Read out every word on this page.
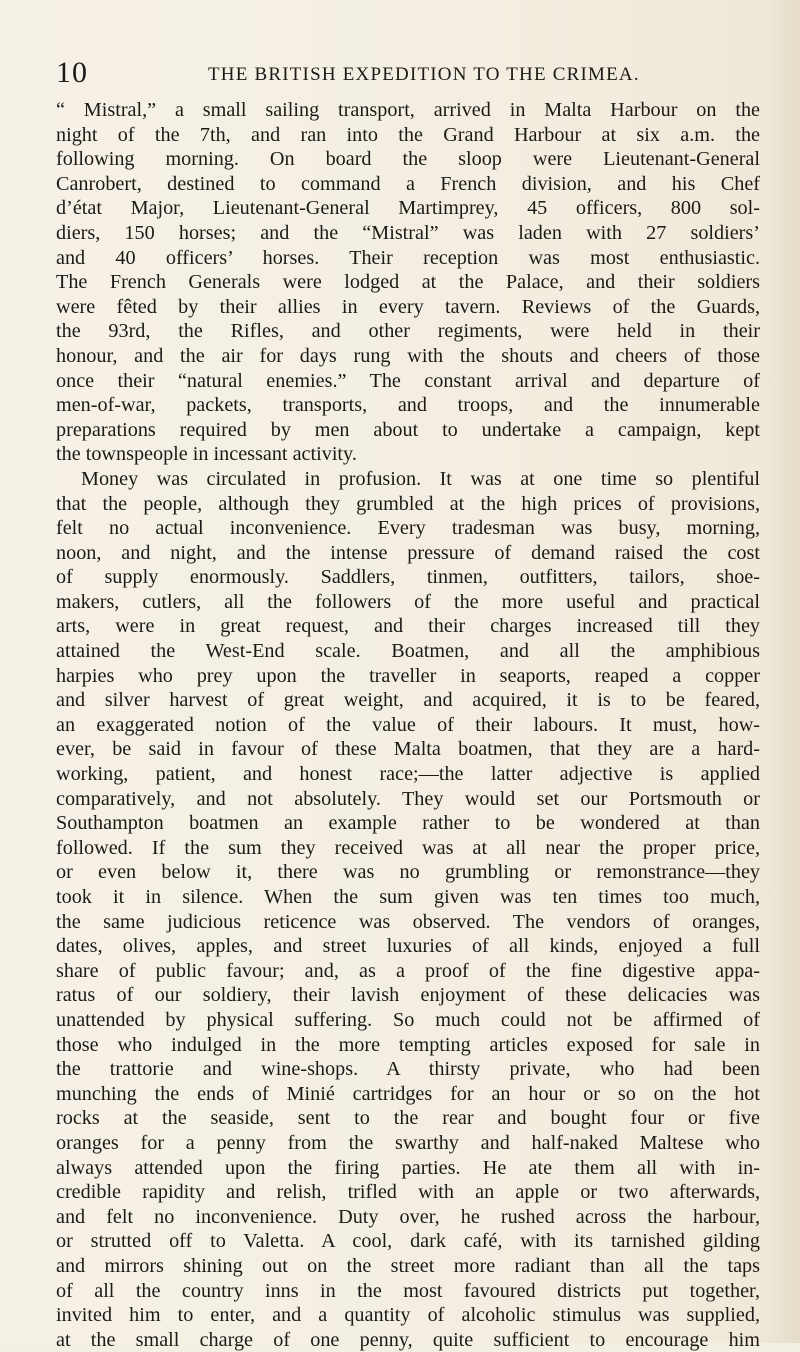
10	THE BRITISH EXPEDITION TO THE CRIMEA.
“ Mistral,” a small sailing transport, arrived in Malta Harbour on the
night of the 7th, and ran into the Grand Harbour at six a.m. the
following morning. On board the sloop were Lieutenant-General
Canrobert, destined to command a French division, and his Chef
d’état Major, Lieutenant-General Martimprey, 45 officers, 800 sol-
diers, 150 horses; and the “Mistral” was laden with 27 soldiers’
and 40 officers’ horses. Their reception was most enthusiastic.
The French Generals were lodged at the Palace, and their soldiers
were fêted by their allies in every tavern. Reviews of the Guards,
the 93rd, the Rifles, and other regiments, were held in their
honour, and the air for days rung with the shouts and cheers of those
once their “natural enemies.” The constant arrival and departure of
men-of-war, packets, transports, and troops, and the innumerable
preparations required by men about to undertake a campaign, kept
the townspeople in incessant activity.
Money was circulated in profusion. It was at one time so plentiful
that the people, although they grumbled at the high prices of provisions,
felt no actual inconvenience. Every tradesman was busy, morning,
noon, and night, and the intense pressure of demand raised the cost
of supply enormously. Saddlers, tinmen, outfitters, tailors, shoe-
makers, cutlers, all the followers of the more useful and practical
arts, were in great request, and their charges increased till they
attained the West-End scale. Boatmen, and all the amphibious
harpies who prey upon the traveller in seaports, reaped a copper
and silver harvest of great weight, and acquired, it is to be feared,
an exaggerated notion of the value of their labours. It must, how-
ever, be said in favour of these Malta boatmen, that they are a hard-
working, patient, and honest race;—the latter adjective is applied
comparatively, and not absolutely. They would set our Portsmouth or
Southampton boatmen an example rather to be wondered at than
followed. If the sum they received was at all near the proper price,
or even below it, there was no grumbling or remonstrance—they
took it in silence. When the sum given was ten times too much,
the same judicious reticence was observed. The vendors of oranges,
dates, olives, apples, and street luxuries of all kinds, enjoyed a full
share of public favour; and, as a proof of the fine digestive appa-
ratus of our soldiery, their lavish enjoyment of these delicacies was
unattended by physical suffering. So much could not be affirmed of
those who indulged in the more tempting articles exposed for sale in
the trattorie and wine-shops. A thirsty private, who had been
munching the ends of Minié cartridges for an hour or so on the hot
rocks at the seaside, sent to the rear and bought four or five
oranges for a penny from the swarthy and half-naked Maltese who
always attended upon the firing parties. He ate them all with in-
credible rapidity and relish, trifled with an apple or two afterwards,
and felt no inconvenience. Duty over, he rushed across the harbour,
or strutted off to Valetta. A cool, dark café, with its tarnished gilding
and mirrors shining out on the street more radiant than all the taps
of all the country inns in the most favoured districts put together,
invited him to enter, and a quantity of alcoholic stimulus was supplied,
at the small charge of one penny, quite sufficient to encourage him
